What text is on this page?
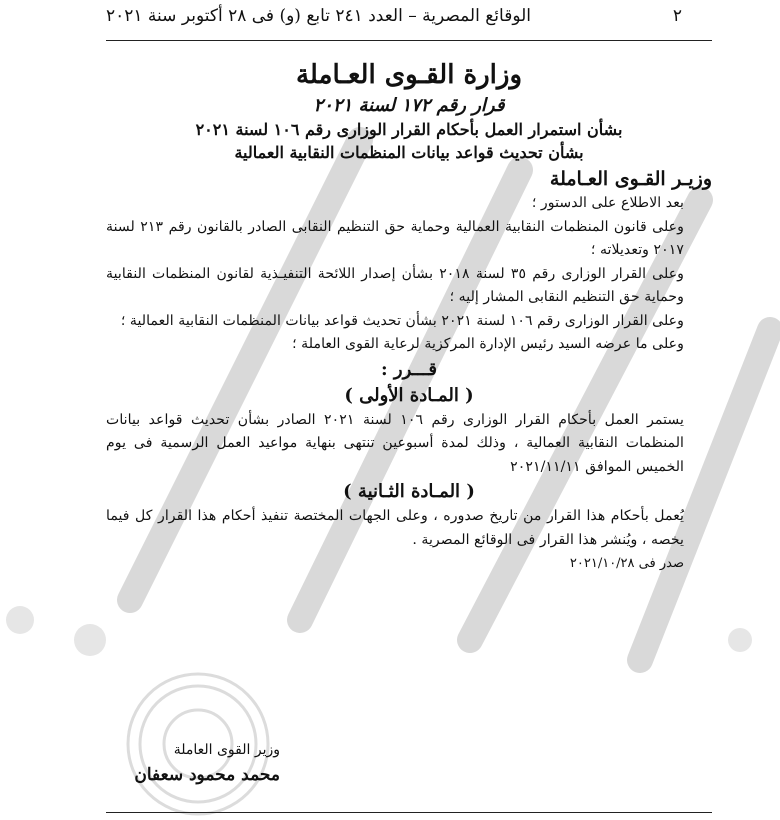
٢
الوقائع المصرية – العدد ٢٤١ تابع (و) فى ٢٨ أكتوبر سنة ٢٠٢١

وزارة القـوى العـاملة

قرار رقم ١٧٢ لسنة ٢٠٢١

بشأن استمرار العمل بأحكام القرار الوزارى رقم ١٠٦ لسنة ٢٠٢١

بشأن تحديث قواعد بيانات المنظمات النقابية العمالية

وزيـر القـوى العـاملة

بعد الاطلاع على الدستور ؛

وعلى قانون المنظمات النقابية العمالية وحماية حق التنظيم النقابى الصادر بالقانون رقم ٢١٣ لسنة ٢٠١٧ وتعديلاته ؛

وعلى القرار الوزارى رقم ٣٥ لسنة ٢٠١٨ بشأن إصدار اللائحة التنفيـذية لقانون المنظمات النقابية وحماية حق التنظيم النقابى المشار إليه ؛

وعلى القرار الوزارى رقم ١٠٦ لسنة ٢٠٢١ بشأن تحديث قواعد بيانات المنظمات النقابية العمالية ؛

وعلى ما عرضه السيد رئيس الإدارة المركزية لرعاية القوى العاملة ؛

قـــرر :

( المـادة الأولى )

يستمر العمل بأحكام القرار الوزارى رقم ١٠٦ لسنة ٢٠٢١ الصادر بشأن تحديث قواعد بيانات المنظمات النقابية العمالية ، وذلك لمدة أسبوعين تنتهى بنهاية مواعيد العمل الرسمية فى يوم الخميس الموافق ٢٠٢١/١١/١١

( المـادة الثـانية )

يُعمل بأحكام هذا القرار من تاريخ صدوره ، وعلى الجهات المختصة تنفيذ أحكام هذا القرار كل فيما يخصه ، ويُنشر هذا القرار فى الوقائع المصرية .

صدر فى ٢٠٢١/١٠/٢٨

وزير القوى العاملة
محمد محمود سعفان
